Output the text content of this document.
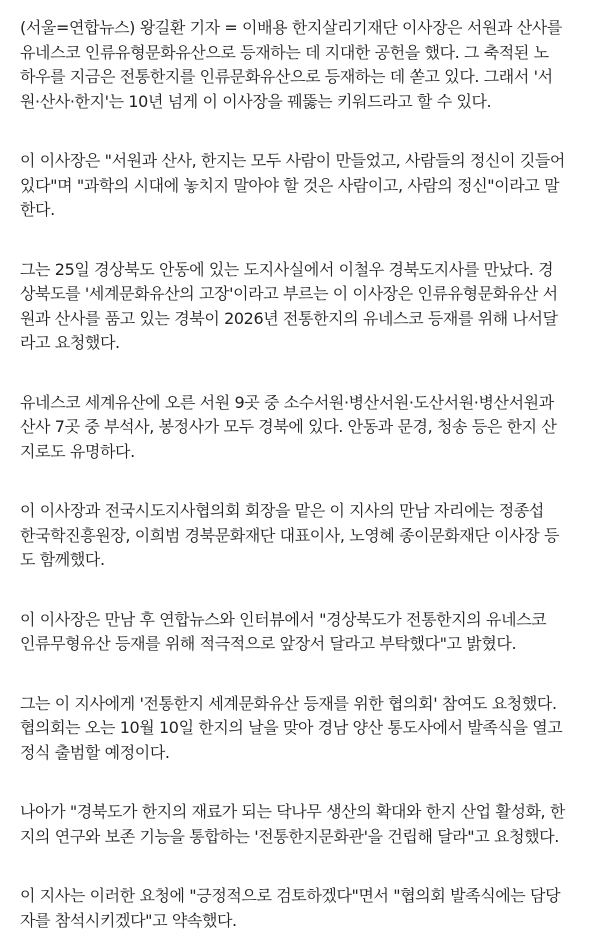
(서울=연합뉴스) 왕길환 기자 = 이배용 한지살리기재단 이사장은 서원과 산사를
유네스코 인류유형문화유산으로 등재하는 데 지대한 공헌을 했다. 그 축적된 노
하우를 지금은 전통한지를 인류문화유산으로 등재하는 데 쏟고 있다. 그래서 '서
원·산사·한지'는 10년 넘게 이 이사장을 꿰뚫는 키워드라고 할 수 있다.
이 이사장은 "서원과 산사, 한지는 모두 사람이 만들었고, 사람들의 정신이 깃들어
있다"며 "과학의 시대에 놓치지 말아야 할 것은 사람이고, 사람의 정신"이라고 말
한다.
그는 25일 경상북도 안동에 있는 도지사실에서 이철우 경북도지사를 만났다. 경
상북도를 '세계문화유산의 고장'이라고 부르는 이 이사장은 인류유형문화유산 서
원과 산사를 품고 있는 경북이 2026년 전통한지의 유네스코 등재를 위해 나서달
라고 요청했다.
유네스코 세계유산에 오른 서원 9곳 중 소수서원·병산서원·도산서원·병산서원과
산사 7곳 중 부석사, 봉정사가 모두 경북에 있다. 안동과 문경, 청송 등은 한지 산
지로도 유명하다.
이 이사장과 전국시도지사협의회 회장을 맡은 이 지사의 만남 자리에는 정종섭
한국학진흥원장, 이희범 경북문화재단 대표이사, 노영혜 종이문화재단 이사장 등
도 함께했다.
이 이사장은 만남 후 연합뉴스와 인터뷰에서 "경상북도가 전통한지의 유네스코
인류무형유산 등재를 위해 적극적으로 앞장서 달라고 부탁했다"고 밝혔다.
그는 이 지사에게 '전통한지 세계문화유산 등재를 위한 협의회' 참여도 요청했다.
협의회는 오는 10월 10일 한지의 날을 맞아 경남 양산 통도사에서 발족식을 열고
정식 출범할 예정이다.
나아가 "경북도가 한지의 재료가 되는 닥나무 생산의 확대와 한지 산업 활성화, 한
지의 연구와 보존 기능을 통합하는 '전통한지문화관'을 건립해 달라"고 요청했다.
이 지사는 이러한 요청에 "긍정적으로 검토하겠다"면서 "협의회 발족식에는 담당
자를 참석시키겠다"고 약속했다.
